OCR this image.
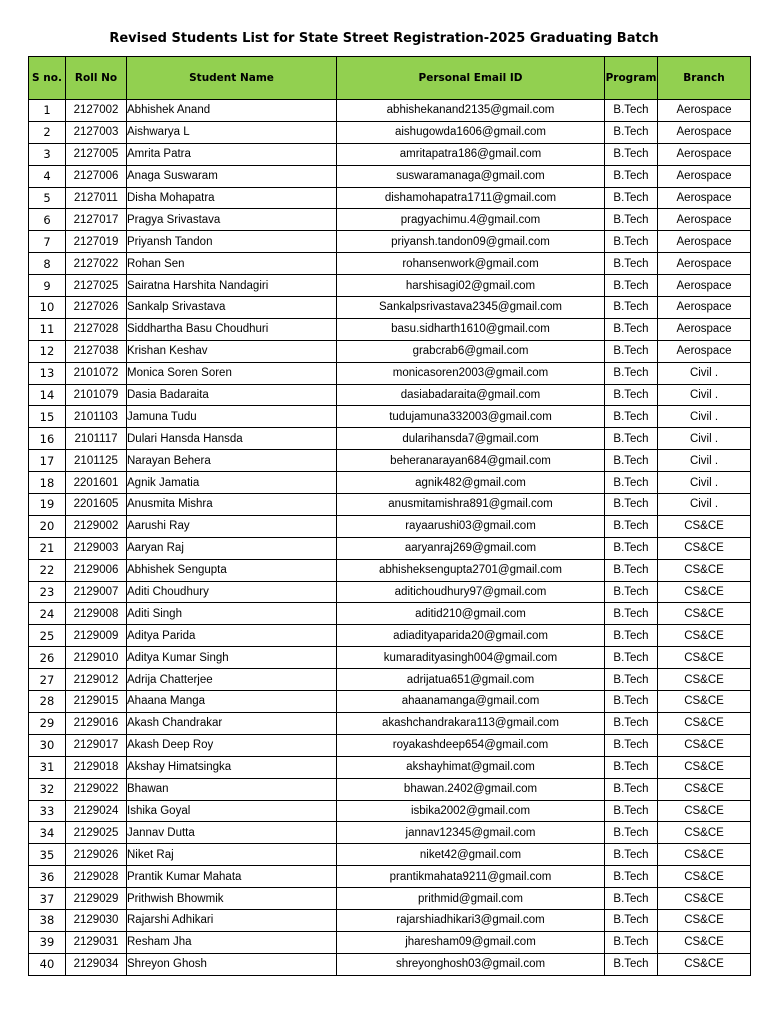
Revised Students List for State Street Registration-2025 Graduating Batch
S no.	Roll No	Student Name	Personal Email ID	Program	Branch
1	2127002	Abhishek Anand	abhishekanand2135@gmail.com	B.Tech	Aerospace
2	2127003	Aishwarya L	aishugowda1606@gmail.com	B.Tech	Aerospace
3	2127005	Amrita Patra	amritapatra186@gmail.com	B.Tech	Aerospace
4	2127006	Anaga Suswaram	suswaramanaga@gmail.com	B.Tech	Aerospace
5	2127011	Disha Mohapatra	dishamohapatra1711@gmail.com	B.Tech	Aerospace
6	2127017	Pragya Srivastava	pragyachimu.4@gmail.com	B.Tech	Aerospace
7	2127019	Priyansh Tandon	priyansh.tandon09@gmail.com	B.Tech	Aerospace
8	2127022	Rohan Sen	rohansenwork@gmail.com	B.Tech	Aerospace
9	2127025	Sairatna Harshita Nandagiri	harshisagi02@gmail.com	B.Tech	Aerospace
10	2127026	Sankalp Srivastava	Sankalpsrivastava2345@gmail.com	B.Tech	Aerospace
11	2127028	Siddhartha Basu Choudhuri	basu.sidharth1610@gmail.com	B.Tech	Aerospace
12	2127038	Krishan Keshav	grabcrab6@gmail.com	B.Tech	Aerospace
13	2101072	Monica Soren Soren	monicasoren2003@gmail.com	B.Tech	Civil .
14	2101079	Dasia Badaraita	dasiabadaraita@gmail.com	B.Tech	Civil .
15	2101103	Jamuna Tudu	tudujamuna332003@gmail.com	B.Tech	Civil .
16	2101117	Dulari Hansda Hansda	dularihansda7@gmail.com	B.Tech	Civil .
17	2101125	Narayan Behera	beheranarayan684@gmail.com	B.Tech	Civil .
18	2201601	Agnik Jamatia	agnik482@gmail.com	B.Tech	Civil .
19	2201605	Anusmita Mishra	anusmitamishra891@gmail.com	B.Tech	Civil .
20	2129002	Aarushi Ray	rayaarushi03@gmail.com	B.Tech	CS&CE
21	2129003	Aaryan Raj	aaryanraj269@gmail.com	B.Tech	CS&CE
22	2129006	Abhishek Sengupta	abhisheksengupta2701@gmail.com	B.Tech	CS&CE
23	2129007	Aditi Choudhury	aditichoudhury97@gmail.com	B.Tech	CS&CE
24	2129008	Aditi Singh	aditid210@gmail.com	B.Tech	CS&CE
25	2129009	Aditya Parida	adiadityaparida20@gmail.com	B.Tech	CS&CE
26	2129010	Aditya Kumar Singh	kumaradityasingh004@gmail.com	B.Tech	CS&CE
27	2129012	Adrija Chatterjee	adrijatua651@gmail.com	B.Tech	CS&CE
28	2129015	Ahaana Manga	ahaanamanga@gmail.com	B.Tech	CS&CE
29	2129016	Akash Chandrakar	akashchandrakara113@gmail.com	B.Tech	CS&CE
30	2129017	Akash Deep Roy	royakashdeep654@gmail.com	B.Tech	CS&CE
31	2129018	Akshay Himatsingka	akshayhimat@gmail.com	B.Tech	CS&CE
32	2129022	Bhawan	bhawan.2402@gmail.com	B.Tech	CS&CE
33	2129024	Ishika Goyal	isbika2002@gmail.com	B.Tech	CS&CE
34	2129025	Jannav Dutta	jannav12345@gmail.com	B.Tech	CS&CE
35	2129026	Niket Raj	niket42@gmail.com	B.Tech	CS&CE
36	2129028	Prantik Kumar Mahata	prantikmahata9211@gmail.com	B.Tech	CS&CE
37	2129029	Prithwish Bhowmik	prithmid@gmail.com	B.Tech	CS&CE
38	2129030	Rajarshi Adhikari	rajarshiadhikari3@gmail.com	B.Tech	CS&CE
39	2129031	Resham Jha	jharesham09@gmail.com	B.Tech	CS&CE
40	2129034	Shreyon Ghosh	shreyonghosh03@gmail.com	B.Tech	CS&CE
